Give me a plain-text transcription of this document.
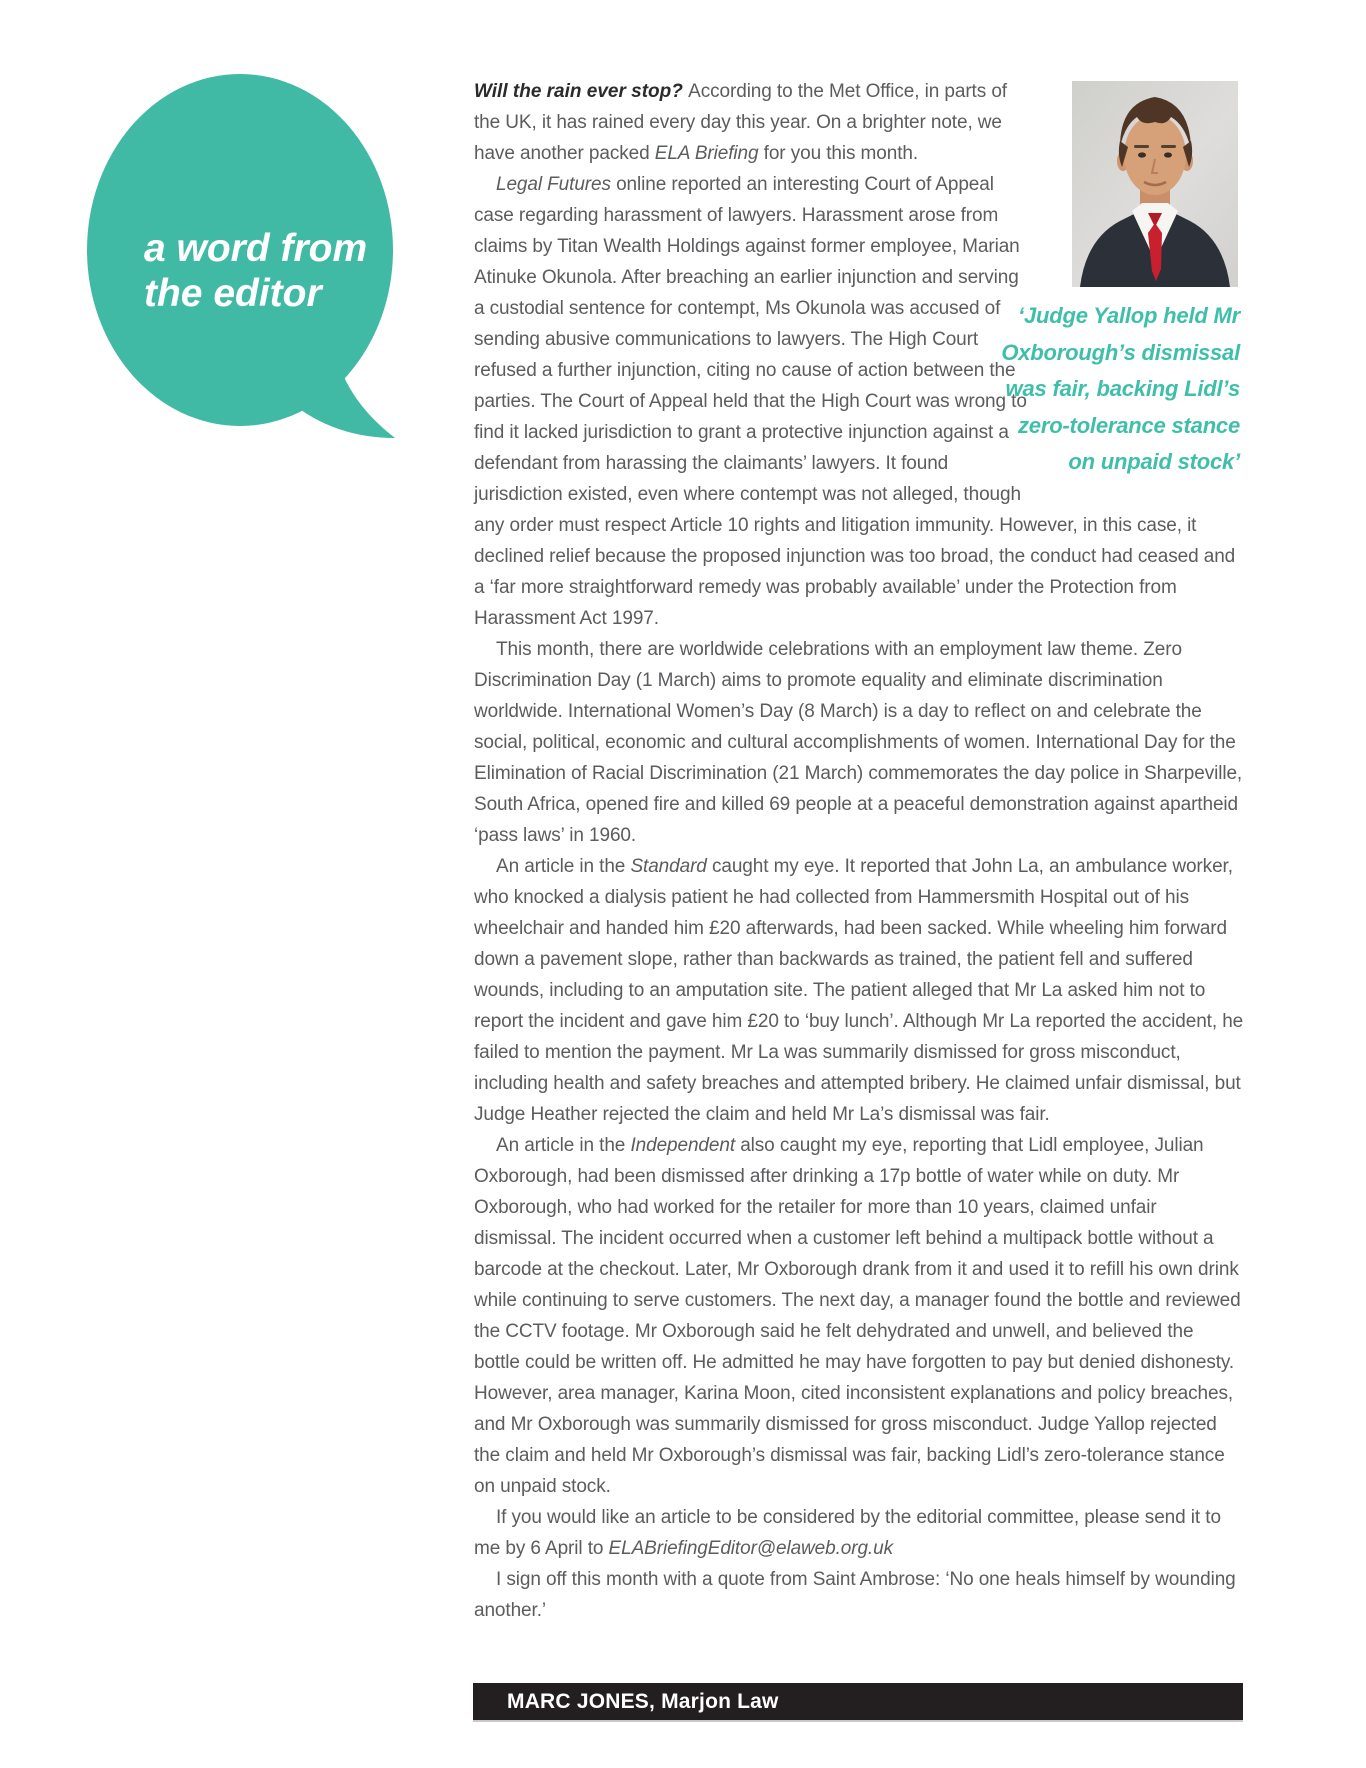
a word from
the editor
‘Judge Yallop held Mr
Oxborough’s dismissal
was fair, backing Lidl’s
zero-tolerance stance
on unpaid stock’

Will the rain ever stop? According to the Met Office, in parts of the UK, it has rained every day this year. On a brighter note, we have another packed ELA Briefing for you this month.

Legal Futures online reported an interesting Court of Appeal case regarding harassment of lawyers. Harassment arose from claims by Titan Wealth Holdings against former employee, Marian Atinuke Okunola. After breaching an earlier injunction and serving a custodial sentence for contempt, Ms Okunola was accused of sending abusive communications to lawyers. The High Court refused a further injunction, citing no cause of action between the parties. The Court of Appeal held that the High Court was wrong to find it lacked jurisdiction to grant a protective injunction against a defendant from harassing the claimants’ lawyers. It found jurisdiction existed, even where contempt was not alleged, though any order must respect Article 10 rights and litigation immunity. However, in this case, it declined relief because the proposed injunction was too broad, the conduct had ceased and a ‘far more straightforward remedy was probably available’ under the Protection from Harassment Act 1997.

This month, there are worldwide celebrations with an employment law theme. Zero Discrimination Day (1 March) aims to promote equality and eliminate discrimination worldwide. International Women’s Day (8 March) is a day to reflect on and celebrate the social, political, economic and cultural accomplishments of women. International Day for the Elimination of Racial Discrimination (21 March) commemorates the day police in Sharpeville, South Africa, opened fire and killed 69 people at a peaceful demonstration against apartheid ‘pass laws’ in 1960.

An article in the Standard caught my eye. It reported that John La, an ambulance worker, who knocked a dialysis patient he had collected from Hammersmith Hospital out of his wheelchair and handed him £20 afterwards, had been sacked. While wheeling him forward down a pavement slope, rather than backwards as trained, the patient fell and suffered wounds, including to an amputation site. The patient alleged that Mr La asked him not to report the incident and gave him £20 to ‘buy lunch’. Although Mr La reported the accident, he failed to mention the payment. Mr La was summarily dismissed for gross misconduct, including health and safety breaches and attempted bribery. He claimed unfair dismissal, but Judge Heather rejected the claim and held Mr La’s dismissal was fair.

An article in the Independent also caught my eye, reporting that Lidl employee, Julian Oxborough, had been dismissed after drinking a 17p bottle of water while on duty. Mr Oxborough, who had worked for the retailer for more than 10 years, claimed unfair dismissal. The incident occurred when a customer left behind a multipack bottle without a barcode at the checkout. Later, Mr Oxborough drank from it and used it to refill his own drink while continuing to serve customers. The next day, a manager found the bottle and reviewed the CCTV footage. Mr Oxborough said he felt dehydrated and unwell, and believed the bottle could be written off. He admitted he may have forgotten to pay but denied dishonesty. However, area manager, Karina Moon, cited inconsistent explanations and policy breaches, and Mr Oxborough was summarily dismissed for gross misconduct. Judge Yallop rejected the claim and held Mr Oxborough’s dismissal was fair, backing Lidl’s zero-tolerance stance on unpaid stock.

If you would like an article to be considered by the editorial committee, please send it to me by 6 April to ELABriefingEditor@elaweb.org.uk

I sign off this month with a quote from Saint Ambrose: ‘No one heals himself by wounding another.’

MARC JONES, Marjon Law
